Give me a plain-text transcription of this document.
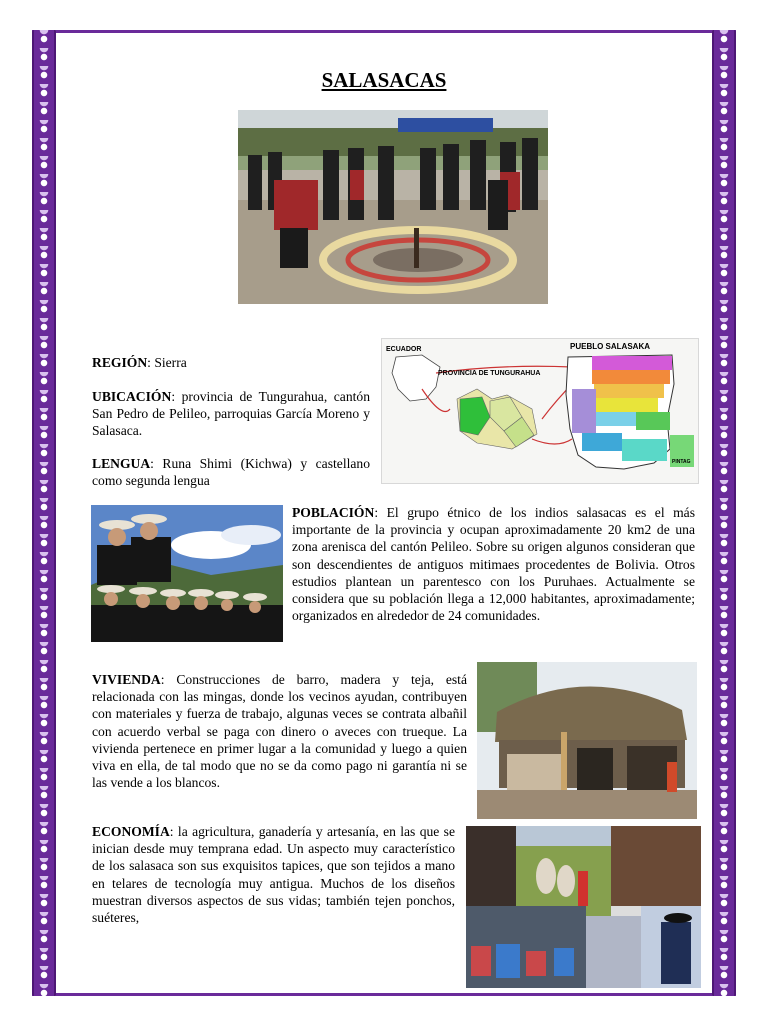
SALASACAS
ECUADOR
PROVINCIA DE TUNGURAHUA
PUEBLO SALASAKA
PINTAG
REGIÓN: Sierra
UBICACIÓN: provincia de Tungurahua, cantón San Pedro de Pelileo, parroquias García Moreno y Salasaca.
LENGUA: Runa Shimi (Kichwa) y castellano como segunda lengua
POBLACIÓN: El grupo étnico de los indios salasacas es el más importante de la provincia y ocupan aproximadamente 20 km2 de una zona arenisca del cantón Pelileo. Sobre su origen algunos consideran que son descendientes de antiguos mitimaes procedentes de Bolivia. Otros estudios plantean un parentesco con los Puruhaes. Actualmente se considera que su población llega a 12,000 habitantes, aproximadamente; organizados en alrededor de 24 comunidades.
VIVIENDA: Construcciones de barro, madera y teja, está relacionada con las mingas, donde los vecinos ayudan, contribuyen con materiales y fuerza de trabajo, algunas veces se contrata albañil con acuerdo verbal se paga con dinero o aveces con trueque. La vivienda pertenece en primer lugar a la comunidad y luego a quien viva en ella, de tal modo que no se da como pago ni garantía ni se las vende a los blancos.
ECONOMÍA: la agricultura, ganadería y artesanía, en las que se inician desde muy temprana edad. Un aspecto muy característico de los salasaca son sus exquisitos tapices, que son tejidos a mano en telares de tecnología muy antigua. Muchos de los diseños muestran diversos aspectos de sus vidas; también tejen ponchos, suéteres,
